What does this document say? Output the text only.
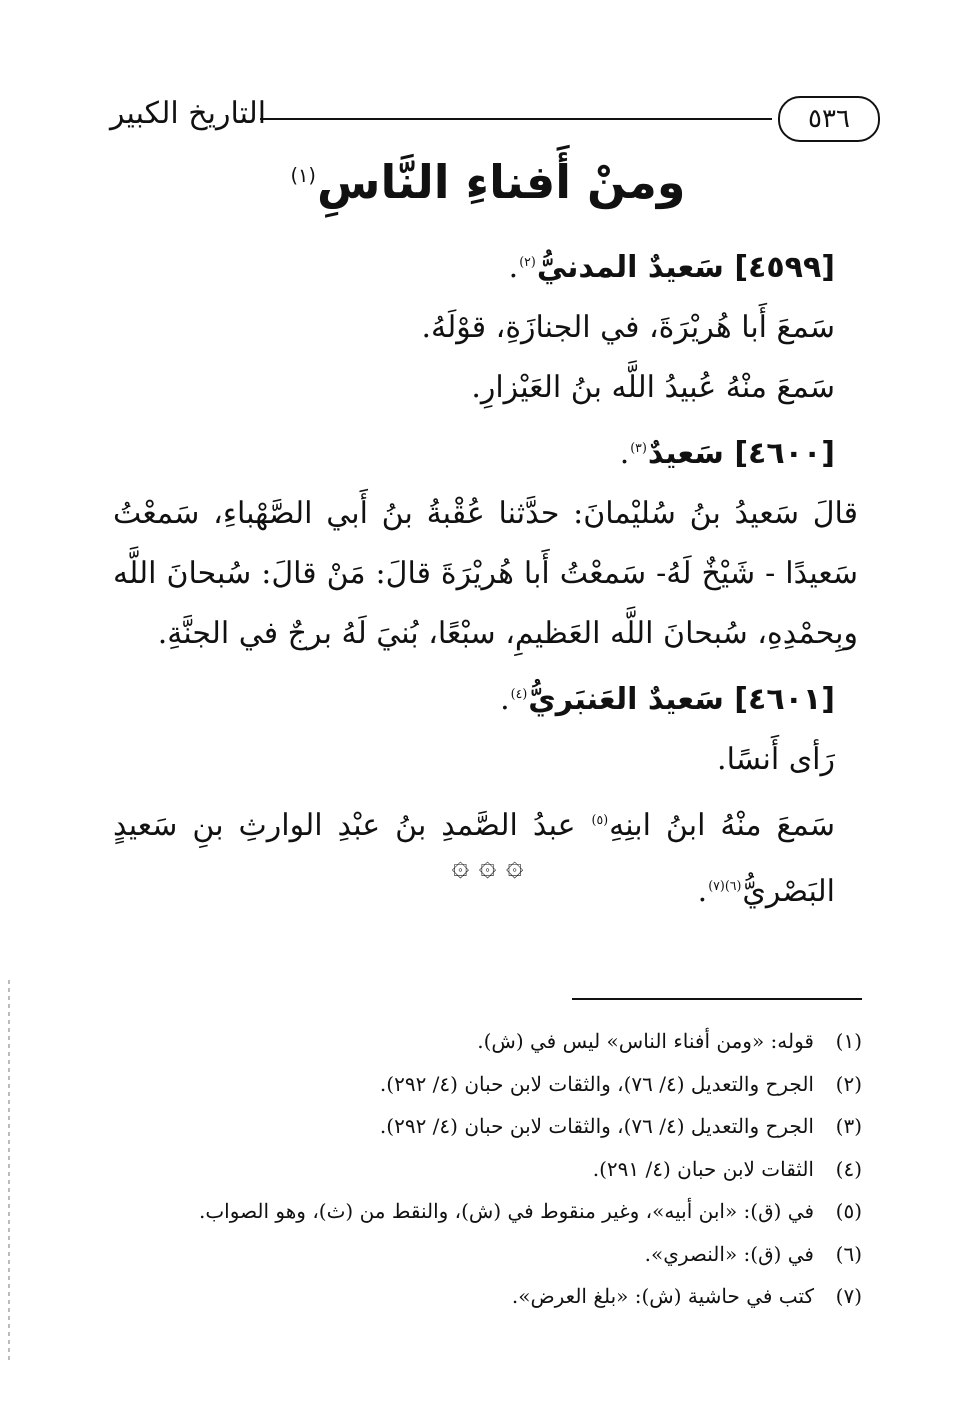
التاريخ الكبير	٥٣٦
ومنْ أَفناءِ النَّاسِ$^{(١)}$

[٤٥٩٩] سَعيدٌ المدنيُّ$^{(٢)}$.

سَمعَ أَبا هُريْرَةَ، في الجنازَةِ، قوْلَهُ.

سَمعَ منْهُ عُبيدُ اللَّه بنُ العَيْزارِ.

[٤٦٠٠] سَعيدٌ$^{(٣)}$.

قالَ سَعيدُ بنُ سُليْمانَ: حدَّثنا عُقْبةُ بنُ أَبي الصَّهْباءِ، سَمعْتُ سَعيدًا - شَيْخٌ لَهُ- سَمعْتُ أَبا هُريْرَةَ قالَ: مَنْ قالَ: سُبحانَ اللَّه وبِحمْدِهِ، سُبحانَ اللَّه العَظيمِ، سبْعًا، بُنيَ لَهُ برجٌ في الجنَّةِ.

[٤٦٠١] سَعيدٌ العَنبَريُّ$^{(٤)}$.

رَأى أَنسًا.

سَمعَ منْهُ ابنُ ابنِهِ$^{(٥)}$ عبدُ الصَّمدِ بنُ عبْدِ الوارثِ بنِ سَعيدٍ البَصْريُّ$^{(٦)(٧)}$.

۞ ۞ ۞
(١)قوله: «ومن أفناء الناس» ليس في (ش).
(٢)الجرح والتعديل (٤/ ٧٦)، والثقات لابن حبان (٤/ ٢٩٢).
(٣)الجرح والتعديل (٤/ ٧٦)، والثقات لابن حبان (٤/ ٢٩٢).
(٤)الثقات لابن حبان (٤/ ٢٩١).
(٥)في (ق): «ابن أبيه»، وغير منقوط في (ش)، والنقط من (ث)، وهو الصواب.
(٦)في (ق): «النصري».
(٧)كتب في حاشية (ش): «بلغ العرض».
